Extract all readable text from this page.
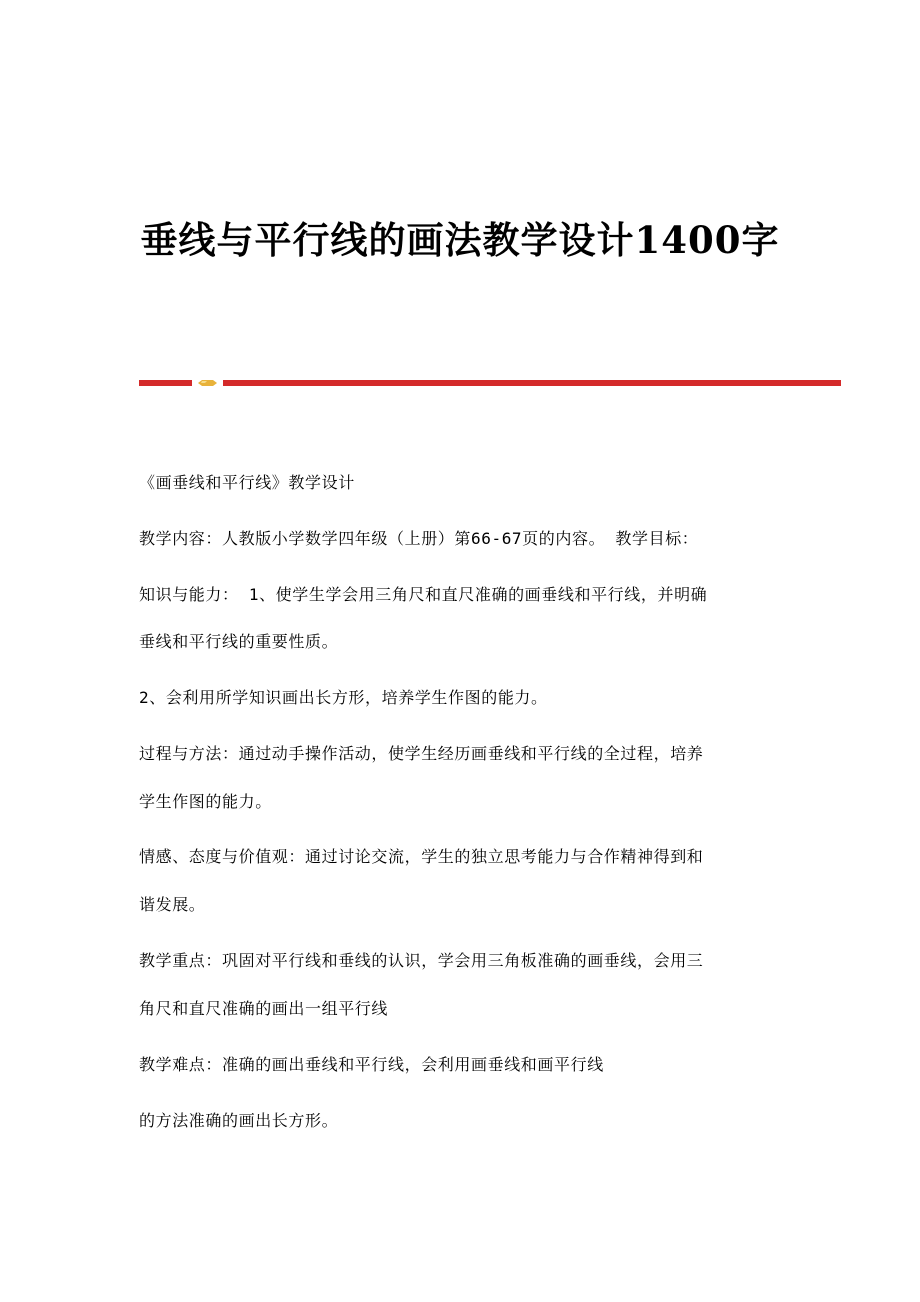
垂线与平行线的画法教学设计1400字
《画垂线和平行线》教学设计
教学内容：人教版小学数学四年级（上册）第66-67页的内容。 教学目标：
知识与能力： 1、使学生学会用三角尺和直尺准确的画垂线和平行线，并明确
垂线和平行线的重要性质。
2、会利用所学知识画出长方形，培养学生作图的能力。
过程与方法：通过动手操作活动，使学生经历画垂线和平行线的全过程，培养
学生作图的能力。
情感、态度与价值观：通过讨论交流，学生的独立思考能力与合作精神得到和
谐发展。
教学重点：巩固对平行线和垂线的认识，学会用三角板准确的画垂线，会用三
角尺和直尺准确的画出一组平行线
教学难点：准确的画出垂线和平行线，会利用画垂线和画平行线
的方法准确的画出长方形。
